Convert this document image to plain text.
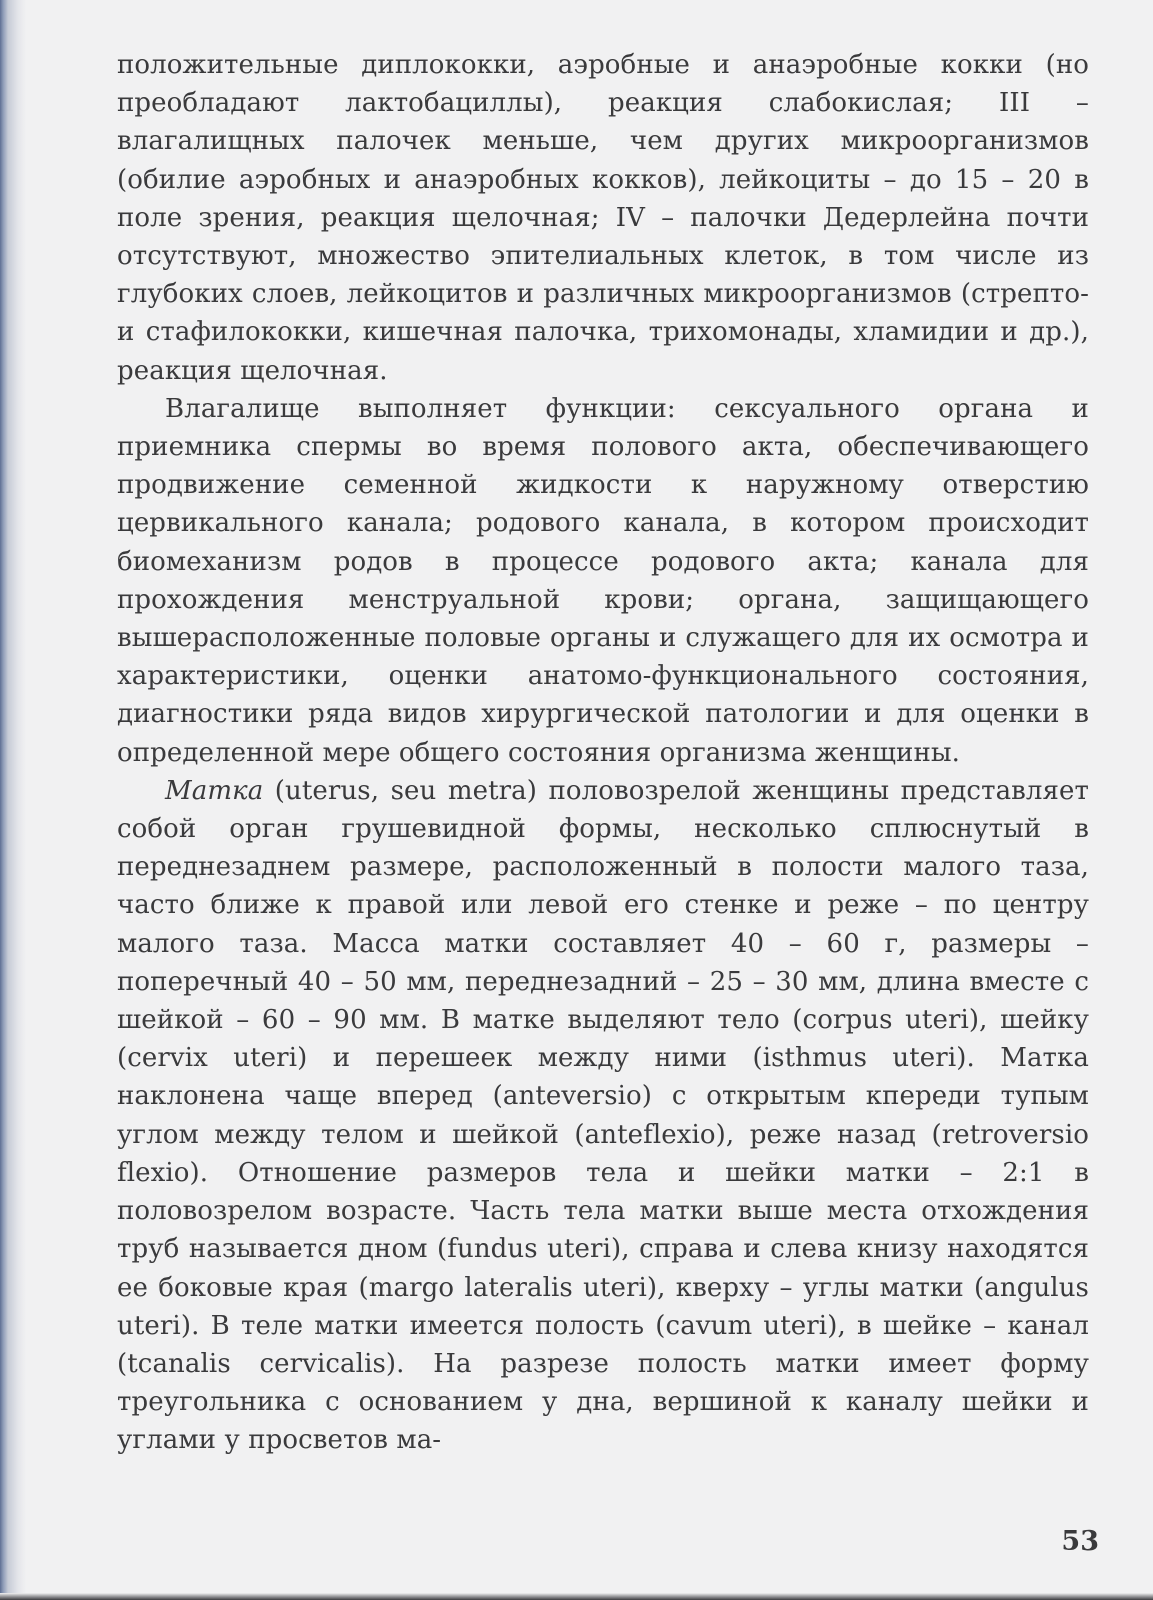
положительные диплококки, аэробные и анаэробные кокки (но преобладают лактобациллы), реакция слабокислая; III – влагалищных палочек меньше, чем других микроорганизмов (обилие аэробных и анаэробных кокков), лейкоциты – до 15 – 20 в поле зрения, реакция щелочная; IV – палочки Дедерлейна почти отсутствуют, множество эпителиальных клеток, в том числе из глубоких слоев, лейкоцитов и различных микроорганизмов (стрепто- и стафилококки, кишечная палочка, трихомонады, хламидии и др.), реакция щелочная.

Влагалище выполняет функции: сексуального органа и приемника спермы во время полового акта, обеспечивающего продвижение семенной жидкости к наружному отверстию цервикального канала; родового канала, в котором происходит биомеханизм родов в процессе родового акта; канала для прохождения менструальной крови; органа, защищающего вышерасположенные половые органы и служащего для их осмотра и характеристики, оценки анатомо-функционального состояния, диагностики ряда видов хирургической патологии и для оценки в определенной мере общего состояния организма женщины.

Матка (uterus, seu metra) половозрелой женщины представляет собой орган грушевидной формы, несколько сплюснутый в переднезаднем размере, расположенный в полости малого таза, часто ближе к правой или левой его стенке и реже – по центру малого таза. Масса матки составляет 40 – 60 г, размеры – поперечный 40 – 50 мм, переднезадний – 25 – 30 мм, длина вместе с шейкой – 60 – 90 мм. В матке выделяют тело (corpus uteri), шейку (cervix uteri) и перешеек между ними (isthmus uteri). Матка наклонена чаще вперед (anteversio) с открытым кпереди тупым углом между телом и шейкой (anteflexio), реже назад (retroversio flexio). Отношение размеров тела и шейки матки – 2:1 в половозрелом возрасте. Часть тела матки выше места отхождения труб называется дном (fundus uteri), справа и слева книзу находятся ее боковые края (margo lateralis uteri), кверху – углы матки (angulus uteri). В теле матки имеется полость (cavum uteri), в шейке – канал (tcanalis cervicalis). На разрезе полость матки имеет форму треугольника с основанием у дна, вершиной к каналу шейки и углами у просветов ма-

53
